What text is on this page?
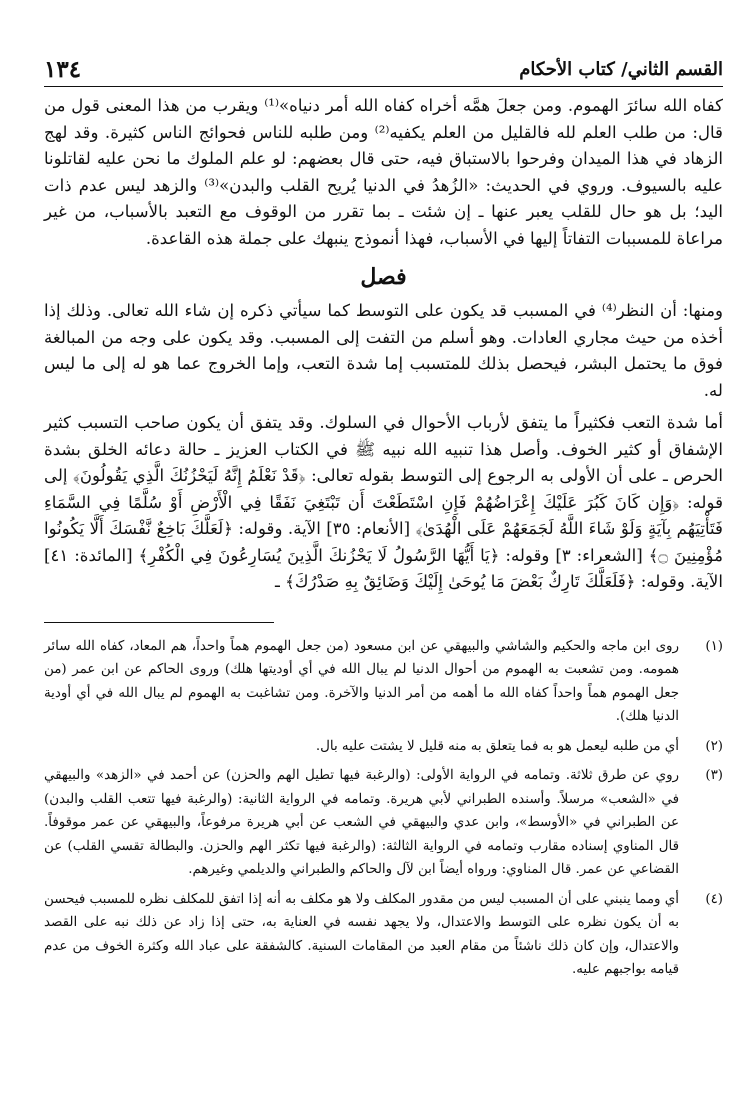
القسم الثاني/ كتاب الأحكام
١٣٤

كفاه الله سائرَ الهموم. ومن جعلَ همَّه أخراه كفاه الله أمر دنياه»⁽¹⁾ ويقرب من هذا المعنى قول من قال: من طلب العلم لله فالقليل من العلم يكفيه⁽²⁾ ومن طلبه للناس فحوائج الناس كثيرة. وقد لهج الزهاد في هذا الميدان وفرحوا بالاستباق فيه، حتى قال بعضهم: لو علم الملوك ما نحن عليه لقاتلونا عليه بالسيوف. وروي في الحديث: «الزُهدُ في الدنيا يُريح القلب والبدن»⁽³⁾ والزهد ليس عدم ذات اليد؛ بل هو حال للقلب يعبر عنها ـ إن شئت ـ بما تقرر من الوقوف مع التعبد بالأسباب، من غير مراعاة للمسببات التفاتاً إليها في الأسباب، فهذا أنموذج ينبهك على جملة هذه القاعدة.

فصل

ومنها: أن النظر⁽⁴⁾ في المسبب قد يكون على التوسط كما سيأتي ذكره إن شاء الله تعالى. وذلك إذا أخذه من حيث مجاري العادات. وهو أسلم من التفت إلى المسبب. وقد يكون على وجه من المبالغة فوق ما يحتمل البشر، فيحصل بذلك للمتسبب إما شدة التعب، وإما الخروج عما هو له إلى ما ليس له.

أما شدة التعب فكثيراً ما يتفق لأرباب الأحوال في السلوك. وقد يتفق أن يكون صاحب التسبب كثير الإشفاق أو كثير الخوف. وأصل هذا تنبيه الله نبيه ﷺ في الكتاب العزيز ـ حالة دعائه الخلق بشدة الحرص ـ على أن الأولى به الرجوع إلى التوسط بقوله تعالى: ﴿قَدْ نَعْلَمُ إِنَّهُ لَيَحْزُنُكَ الَّذِي يَقُولُونَ﴾ إلى قوله: ﴿وَإِن كَانَ كَبُرَ عَلَيْكَ إِعْرَاضُهُمْ فَإِنِ اسْتَطَعْتَ أَن تَبْتَغِيَ نَفَقًا فِي الْأَرْضِ أَوْ سُلَّمًا فِي السَّمَاءِ فَتَأْتِيَهُم بِآيَةٍ وَلَوْ شَاءَ اللَّهُ لَجَمَعَهُمْ عَلَى الْهُدَىٰ﴾ [الأنعام: ٣٥] الآية. وقوله: ﴿لَعَلَّكَ بَاخِعٌ نَّفْسَكَ أَلَّا يَكُونُوا مُؤْمِنِينَ ۝﴾ [الشعراء: ٣] وقوله: ﴿يَا أَيُّهَا الرَّسُولُ لَا يَحْزُنكَ الَّذِينَ يُسَارِعُونَ فِي الْكُفْرِ﴾ [المائدة: ٤١] الآية. وقوله: ﴿فَلَعَلَّكَ تَارِكٌ بَعْضَ مَا يُوحَىٰ إِلَيْكَ وَضَائِقٌ بِهِ صَدْرُكَ﴾ ـ

(١)

روى ابن ماجه والحكيم والشاشي والبيهقي عن ابن مسعود (من جعل الهموم هماً واحداً، هم المعاد، كفاه الله سائر همومه. ومن تشعبت به الهموم من أحوال الدنيا لم يبال الله في أي أوديتها هلك) وروى الحاكم عن ابن عمر (من جعل الهموم هماً واحداً كفاه الله ما أهمه من أمر الدنيا والآخرة. ومن تشاغبت به الهموم لم يبال الله في أي أودية الدنيا هلك).

(٢)

أي من طلبه ليعمل هو به فما يتعلق به منه قليل لا يشتت عليه بال.

(٣)

روي عن طرق ثلاثة. وتمامه في الرواية الأولى: (والرغبة فيها تطيل الهم والحزن) عن أحمد في «الزهد» والبيهقي في «الشعب» مرسلاً. وأسنده الطبراني لأبي هريرة. وتمامه في الرواية الثانية: (والرغبة فيها تتعب القلب والبدن) عن الطبراني في «الأوسط»، وابن عدي والبيهقي في الشعب عن أبي هريرة مرفوعاً، والبيهقي عن عمر موقوفاً. قال المناوي إسناده مقارب وتمامه في الرواية الثالثة: (والرغبة فيها تكثر الهم والحزن. والبطالة تقسي القلب) عن القضاعي عن عمر. قال المناوي: ورواه أيضاً ابن لآل والحاكم والطبراني والديلمي وغيرهم.

(٤)

أي ومما ينبني على أن المسبب ليس من مقدور المكلف ولا هو مكلف به أنه إذا اتفق للمكلف نظره للمسبب فيحسن به أن يكون نظره على التوسط والاعتدال، ولا يجهد نفسه في العناية به، حتى إذا زاد عن ذلك نبه على القصد والاعتدال، وإن كان ذلك ناشئاً من مقام العبد من المقامات السنية. كالشفقة على عباد الله وكثرة الخوف من عدم قيامه بواجبهم عليه.
